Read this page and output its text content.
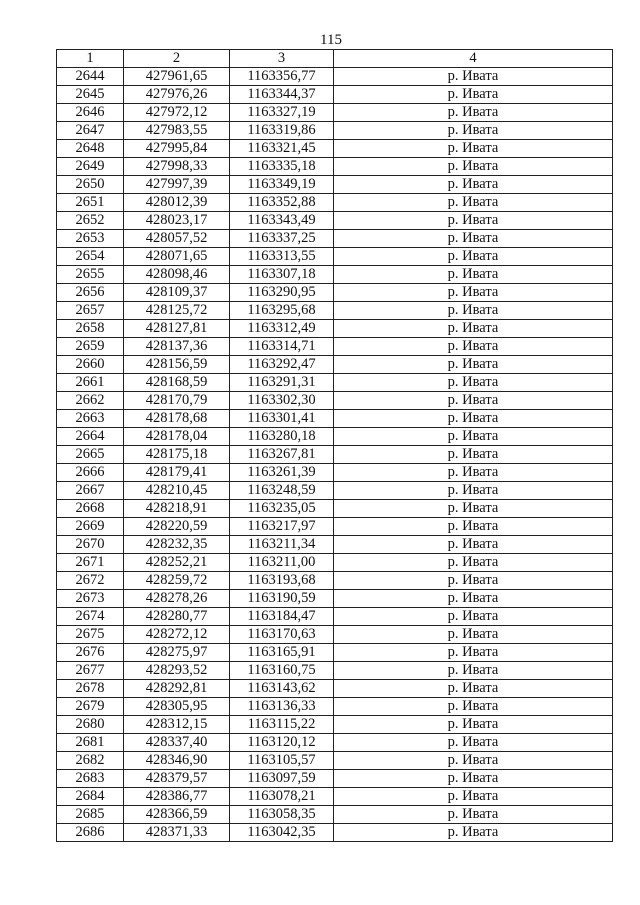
115
1	2	3	4
2644	427961,65	1163356,77	р. Ивата
2645	427976,26	1163344,37	р. Ивата
2646	427972,12	1163327,19	р. Ивата
2647	427983,55	1163319,86	р. Ивата
2648	427995,84	1163321,45	р. Ивата
2649	427998,33	1163335,18	р. Ивата
2650	427997,39	1163349,19	р. Ивата
2651	428012,39	1163352,88	р. Ивата
2652	428023,17	1163343,49	р. Ивата
2653	428057,52	1163337,25	р. Ивата
2654	428071,65	1163313,55	р. Ивата
2655	428098,46	1163307,18	р. Ивата
2656	428109,37	1163290,95	р. Ивата
2657	428125,72	1163295,68	р. Ивата
2658	428127,81	1163312,49	р. Ивата
2659	428137,36	1163314,71	р. Ивата
2660	428156,59	1163292,47	р. Ивата
2661	428168,59	1163291,31	р. Ивата
2662	428170,79	1163302,30	р. Ивата
2663	428178,68	1163301,41	р. Ивата
2664	428178,04	1163280,18	р. Ивата
2665	428175,18	1163267,81	р. Ивата
2666	428179,41	1163261,39	р. Ивата
2667	428210,45	1163248,59	р. Ивата
2668	428218,91	1163235,05	р. Ивата
2669	428220,59	1163217,97	р. Ивата
2670	428232,35	1163211,34	р. Ивата
2671	428252,21	1163211,00	р. Ивата
2672	428259,72	1163193,68	р. Ивата
2673	428278,26	1163190,59	р. Ивата
2674	428280,77	1163184,47	р. Ивата
2675	428272,12	1163170,63	р. Ивата
2676	428275,97	1163165,91	р. Ивата
2677	428293,52	1163160,75	р. Ивата
2678	428292,81	1163143,62	р. Ивата
2679	428305,95	1163136,33	р. Ивата
2680	428312,15	1163115,22	р. Ивата
2681	428337,40	1163120,12	р. Ивата
2682	428346,90	1163105,57	р. Ивата
2683	428379,57	1163097,59	р. Ивата
2684	428386,77	1163078,21	р. Ивата
2685	428366,59	1163058,35	р. Ивата
2686	428371,33	1163042,35	р. Ивата
